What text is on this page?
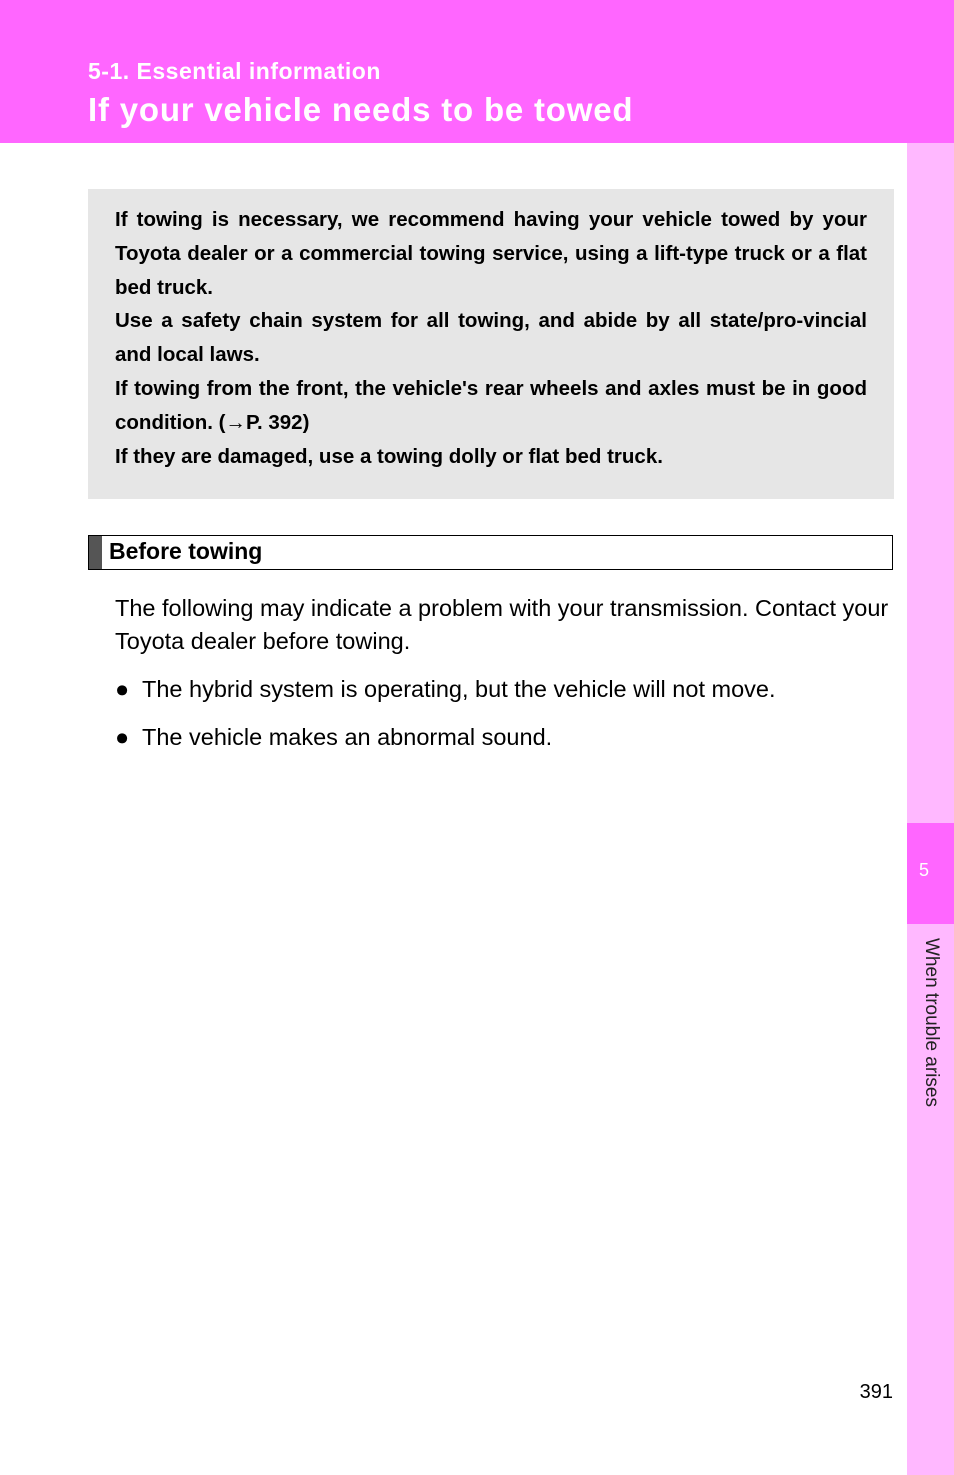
5-1. Essential information
If your vehicle needs to be towed
5
When trouble arises

If towing is necessary, we recommend having your vehicle towed by your Toyota dealer or a commercial towing service, using a lift-type truck or a flat bed truck.

Use a safety chain system for all towing, and abide by all state/pro-vincial and local laws.

If towing from the front, the vehicle's rear wheels and axles must be in good condition. (→P. 392)

If they are damaged, use a towing dolly or flat bed truck.

Before towing

The following may indicate a problem with your transmission. Contact your Toyota dealer before towing.

● The hybrid system is operating, but the vehicle will not move.
● The vehicle makes an abnormal sound.
391
